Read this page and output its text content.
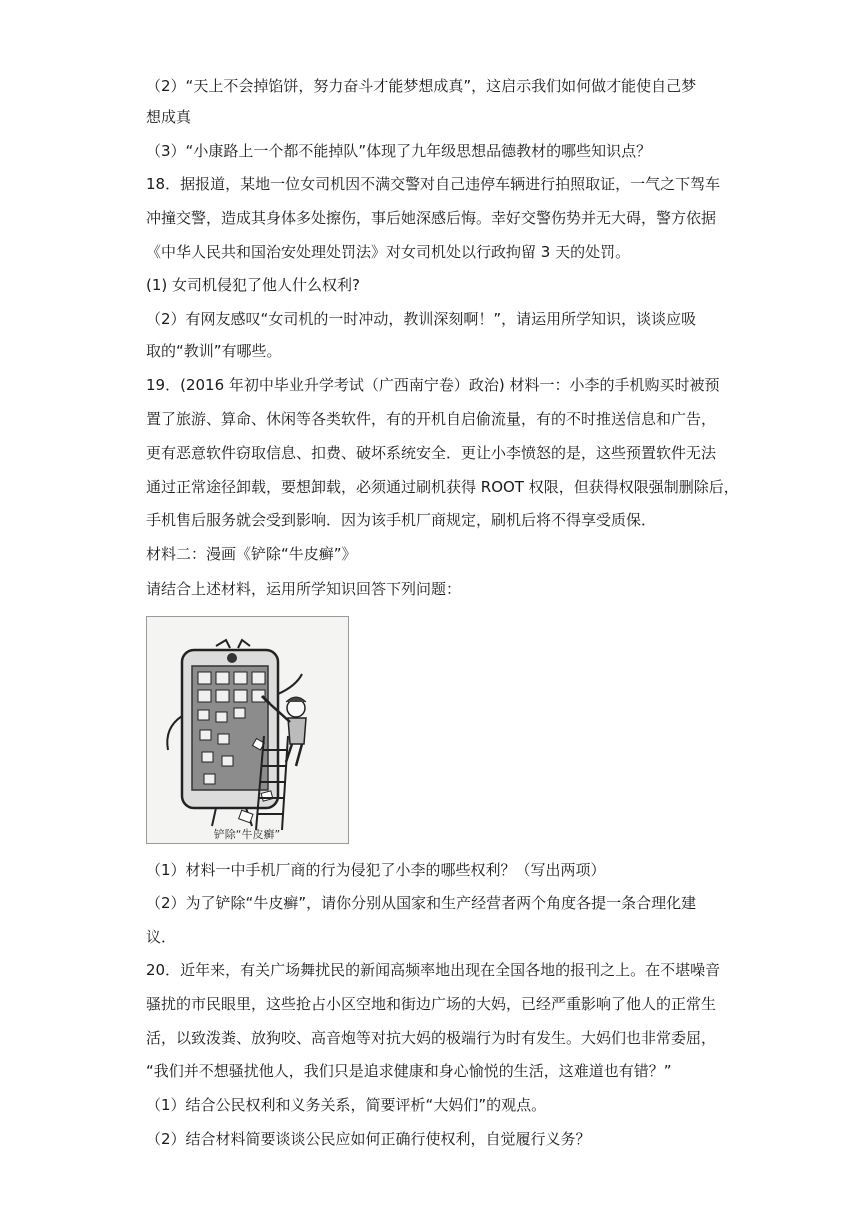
（2）“天上不会掉馅饼，努力奋斗才能梦想成真”，这启示我们如何做才能使自己梦
想成真
（3）“小康路上一个都不能掉队”体现了九年级思想品德教材的哪些知识点？
18．据报道，某地一位女司机因不满交警对自己违停车辆进行拍照取证，一气之下驾车
冲撞交警，造成其身体多处擦伤，事后她深感后悔。幸好交警伤势并无大碍，警方依据
《中华人民共和国治安处理处罚法》对女司机处以行政拘留 3 天的处罚。
(1) 女司机侵犯了他人什么权利?
（2）有网友感叹“女司机的一时冲动，教训深刻啊！”，请运用所学知识，谈谈应吸
取的“教训”有哪些。
19．(2016 年初中毕业升学考试（广西南宁卷）政治) 材料一：小李的手机购买时被预
置了旅游、算命、休闲等各类软件，有的开机自启偷流量，有的不时推送信息和广告，
更有恶意软件窃取信息、扣费、破坏系统安全．更让小李愤怒的是，这些预置软件无法
通过正常途径卸载，要想卸载，必须通过刷机获得 ROOT 权限，但获得权限强制删除后，
手机售后服务就会受到影响．因为该手机厂商规定，刷机后将不得享受质保．
材料二：漫画《铲除“牛皮癣”》
请结合上述材料，运用所学知识回答下列问题：
铲除“牛皮癣”
（1）材料一中手机厂商的行为侵犯了小李的哪些权利？（写出两项）
（2）为了铲除“牛皮癣”，请你分别从国家和生产经营者两个角度各提一条合理化建
议．
20．近年来，有关广场舞扰民的新闻高频率地出现在全国各地的报刊之上。在不堪噪音
骚扰的市民眼里，这些抢占小区空地和街边广场的大妈，已经严重影响了他人的正常生
活，以致泼粪、放狗咬、高音炮等对抗大妈的极端行为时有发生。大妈们也非常委屈，
“我们并不想骚扰他人，我们只是追求健康和身心愉悦的生活，这难道也有错？”
（1）结合公民权利和义务关系，简要评析“大妈们”的观点。
（2）结合材料简要谈谈公民应如何正确行使权利，自觉履行义务？
